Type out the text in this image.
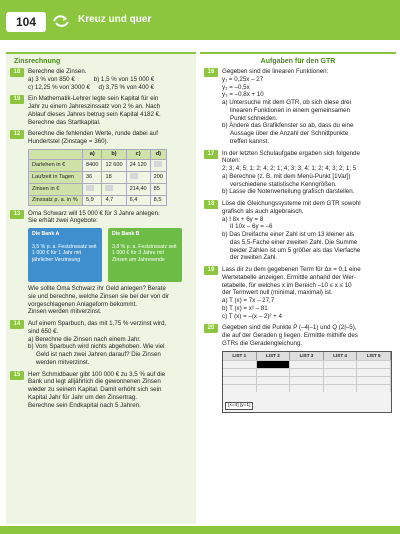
104	Kreuz und quer
Zinsrechnung
18	Berechne die Zinsen.
a) 3 % von 850 €	b) 1,5 % von 15 000 €
c) 12,25 % von 3000 € d) 3,75 % von 400 €
19	Ein Mathematik-Lehrer legte sein Kapital für ein
Jahr zu einem Jahreszinssatz von 2 % an. Nach
Ablauf dieses Jahres betrug sein Kapital 4182 €.
Berechne das Startkapital.
12	Berechne die fehlenden Werte, runde dabei auf
Hundertstel (Zinstage = 360).
	a)	b)	c)	d)
Darlehen in €	8400	12 600	24 120	
Laufzeit in Tagen	36	18		200
Zinsen in €			214,40	85
Zinssatz p. a. in %	5,9	4,7	6,4	8,5
13	Oma Schwarz will 15 000 € für 3 Jahre anlegen.
Sie erhält zwei Angebote:
Die Bank A
3,5 % p. a. Festzinssatz seit 1 000 € für 1 Jahr mit jährlicher Verzinsung
Die Bank B
3,8 % p. a. Festzinssatz seit 1 000 € für 3 Jahre mit Zinsen am Jahresende
Wie sollte Oma Schwarz ihr Geld anlegen? Berate
sie und berechne, welche Zinsen sie bei der von dir
vorgeschlagenen Anlageform bekommt.
Zinsen werden mitverzinst.
14	Auf einem Sparbuch, das mit 1,75 % verzinst wird,
sind 650 €.
a) Berechne die Zinsen nach einem Jahr.
b) Vom Sparbuch wird nichts abgehoben. Wie viel
Geld ist nach zwei Jahren darauf? Die Zinsen
werden mitverzinst.
15	Herr Schmidbauer gibt 100 000 € zu 3,5 % auf die
Bank und legt alljährlich die gewonnenen Zinsen
wieder zu seinem Kapital. Damit erhöht sich sein
Kapital Jahr für Jahr um den Zinsertrag.
Berechne sein Endkapital nach 5 Jahren.
Aufgaben für den GTR
16	Gegeben sind die linearen Funktionen:
y₁ = 0,25x – 27
y₂ = –0,5x
y₃ = –0,8x + 10
a) Untersuche mit dem GTR, ob sich diese drei
linearen Funktionen in einem gemeinsamen
Punkt schneiden.
b) Ändere das Grafikfenster so ab, dass du eine
Aussage über die Anzahl der Schnittpunkte
treffen kannst.
17	In der letzten Schulaufgabe ergaben sich folgende
Noten:
2; 3; 4; 5; 1; 2; 4; 2; 1; 4; 3; 3; 4; 1; 2; 4; 3; 2; 1; 5
a) Berechne (z. B. mit dem Menü-Punkt [1Var])
verschiedene statistische Kenngrößen.
b) Lasse die Notenverteilung grafisch darstellen.
18	Löse die Gleichungssysteme mit dem GTR sowohl
grafisch als auch algebraisch.
a) I 8x + 6y = 8
II 10x – 6y = –6
b) Das Dreifache einer Zahl ist um 13 kleiner als
das 5,5-Fache einer zweiten Zahl. Die Summe
beider Zahlen ist um 5 größer als das Vierfache
der zweiten Zahl.
19	Lass dir zu dem gegebenen Term für Δx = 0,1 eine
Wertetabelle anzeigen. Ermittle anhand der Wer-
tetabelle, für welches x im Bereich –10 ≤ x ≤ 10
der Termwert null (minimal, maximal) ist.
a) T (x) = 7x – 27,7
b) T (x) = x² – 81
c) T (x) = –(x – 2)² + 4
20	Gegeben sind die Punkte P (–4|–1) und Q (2|–5),
die auf der Geraden g liegen. Ermittle mithilfe des
GTRs die Geradengleichung.
LIST 1	LIST 2	LIST 3	LIST 4	LIST 5
[x=4] [y=1]
